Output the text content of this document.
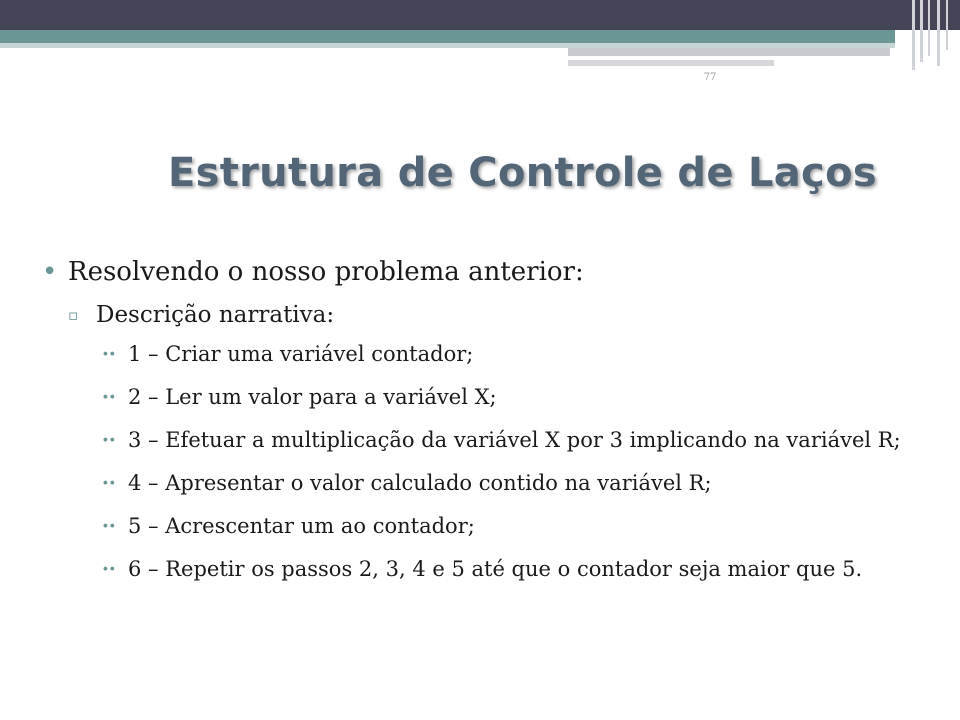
77
Estrutura de Controle de Laços
• Resolvendo o nosso problema anterior:
▫ Descrição narrativa:
∙∙ 1 – Criar uma variável contador;
∙∙ 2 – Ler um valor para a variável X;
∙∙ 3 – Efetuar a multiplicação da variável X por 3 implicando na variável R;
∙∙ 4 – Apresentar o valor calculado contido na variável R;
∙∙ 5 – Acrescentar um ao contador;
∙∙ 6 – Repetir os passos 2, 3, 4 e 5 até que o contador seja maior que 5.
